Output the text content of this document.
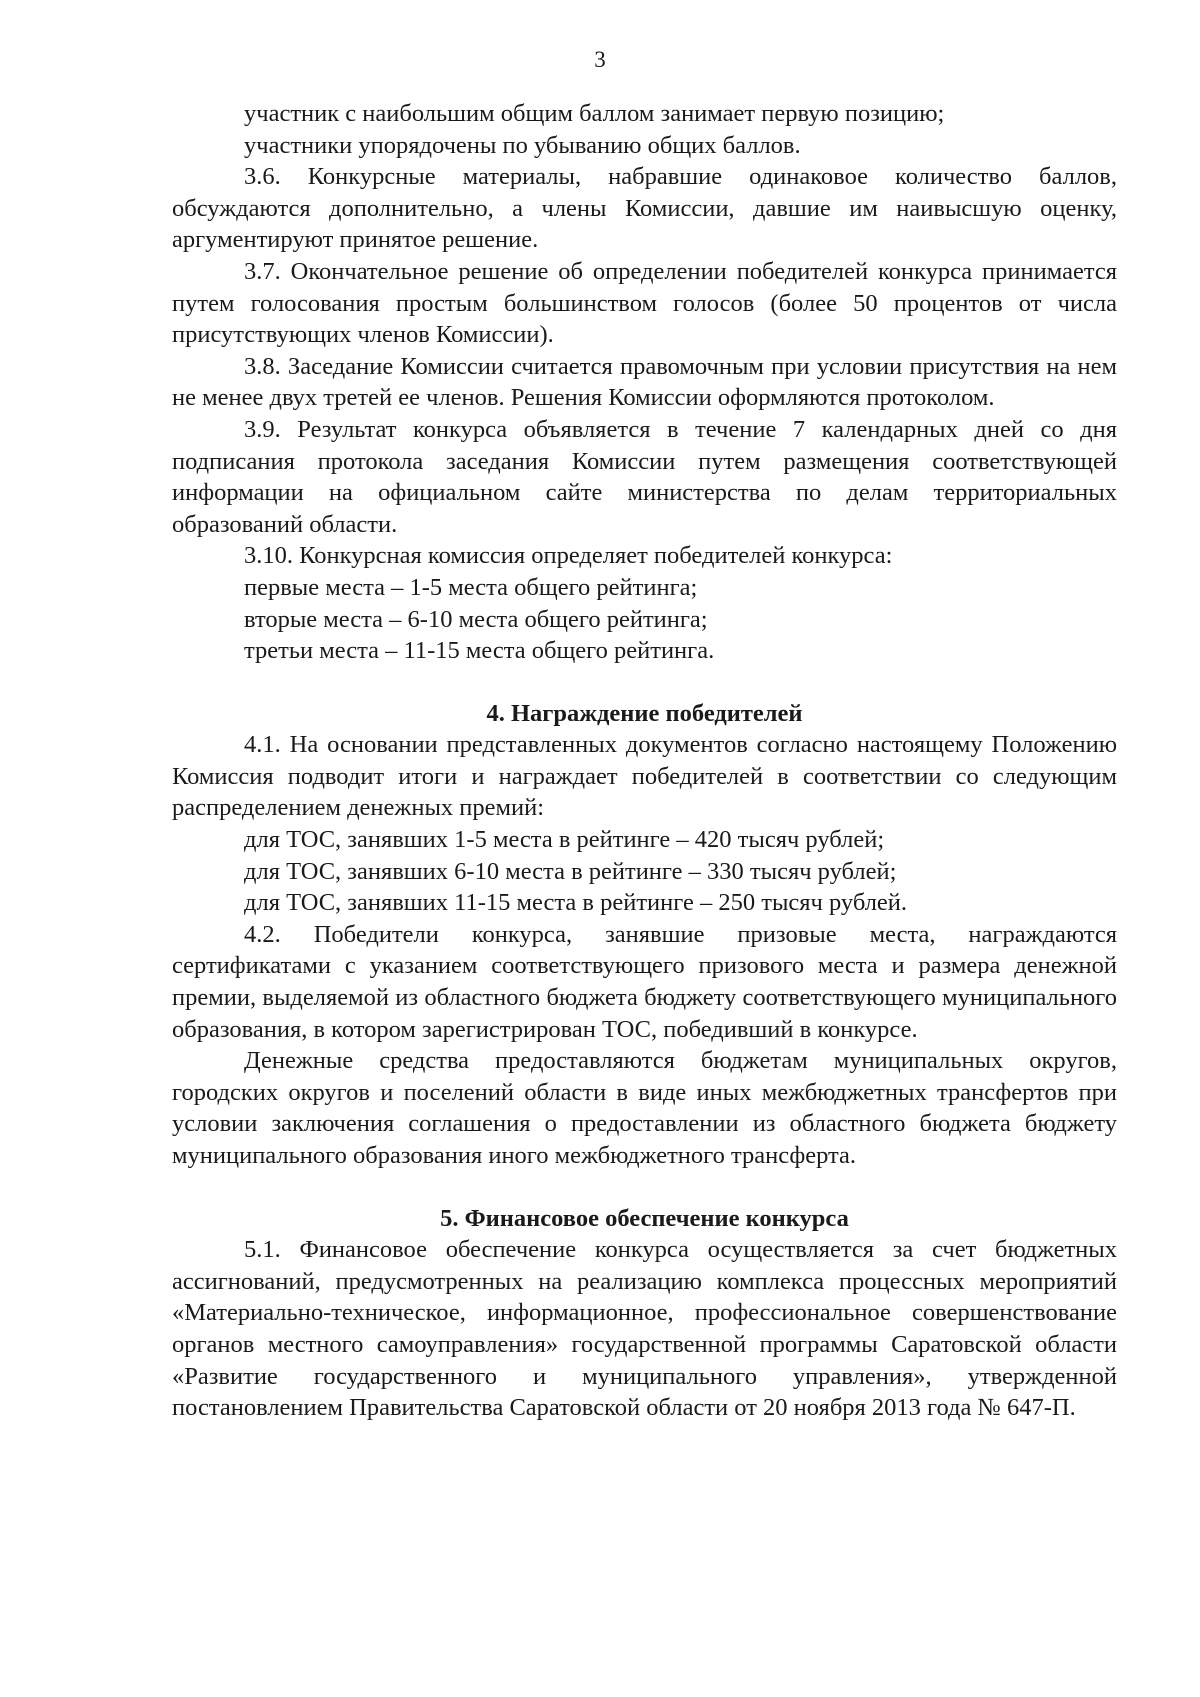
3

участник с наибольшим общим баллом занимает первую позицию;

участники упорядочены по убыванию общих баллов.

3.6. Конкурсные материалы, набравшие одинаковое количество баллов, обсуждаются дополнительно, а члены Комиссии, давшие им наивысшую оценку, аргументируют принятое решение.

3.7. Окончательное решение об определении победителей конкурса принимается путем голосования простым большинством голосов (более 50 процентов от числа присутствующих членов Комиссии).

3.8. Заседание Комиссии считается правомочным при условии присутствия на нем не менее двух третей ее членов. Решения Комиссии оформляются протоколом.

3.9. Результат конкурса объявляется в течение 7 календарных дней со дня подписания протокола заседания Комиссии путем размещения соответствующей информации на официальном сайте министерства по делам территориальных образований области.

3.10. Конкурсная комиссия определяет победителей конкурса:

первые места – 1-5 места общего рейтинга;

вторые места – 6-10 места общего рейтинга;

третьи места – 11-15 места общего рейтинга.

4. Награждение победителей

4.1. На основании представленных документов согласно настоящему Положению Комиссия подводит итоги и награждает победителей в соответствии со следующим распределением денежных премий:

для ТОС, занявших 1-5 места в рейтинге – 420 тысяч рублей;

для ТОС, занявших 6-10 места в рейтинге – 330 тысяч рублей;

для ТОС, занявших 11-15 места в рейтинге – 250 тысяч рублей.

4.2. Победители конкурса, занявшие призовые места, награждаются сертификатами с указанием соответствующего призового места и размера денежной премии, выделяемой из областного бюджета бюджету соответствующего муниципального образования, в котором зарегистрирован ТОС, победивший в конкурсе.

Денежные средства предоставляются бюджетам муниципальных округов, городских округов и поселений области в виде иных межбюджетных трансфертов при условии заключения соглашения о предоставлении из областного бюджета бюджету муниципального образования иного межбюджетного трансферта.

5. Финансовое обеспечение конкурса

5.1. Финансовое обеспечение конкурса осуществляется за счет бюджетных ассигнований, предусмотренных на реализацию комплекса процессных мероприятий «Материально-техническое, информационное, профессиональное совершенствование органов местного самоуправления» государственной программы Саратовской области «Развитие государственного и муниципального управления», утвержденной постановлением Правительства Саратовской области от 20 ноября 2013 года № 647-П.
